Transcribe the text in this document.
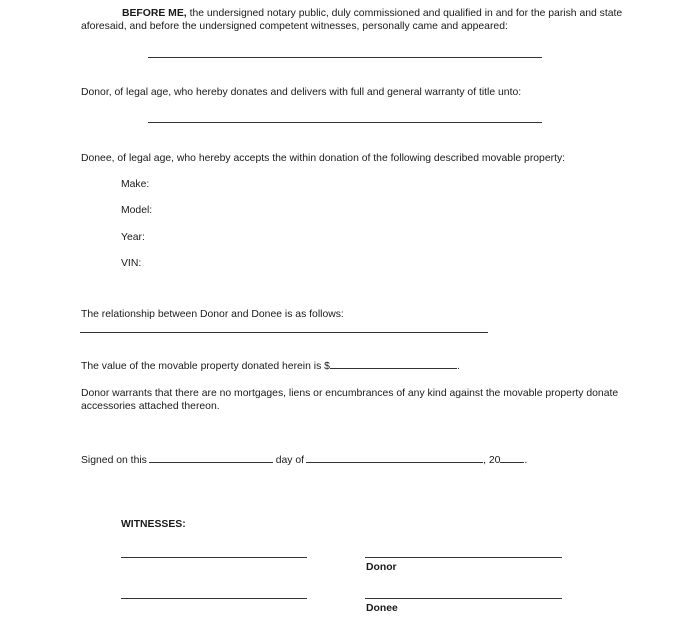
BEFORE ME, the undersigned notary public, duly commissioned and qualified in and for the parish and state
aforesaid, and before the undersigned competent witnesses, personally came and appeared:
Donor, of legal age, who hereby donates and delivers with full and general warranty of title unto:
Donee, of legal age, who hereby accepts the within donation of the following described movable property:
Make:
Model:
Year:
VIN:
The relationship between Donor and Donee is as follows:
The value of the movable property donated herein is $	.
Donor warrants that there are no mortgages, liens or encumbrances of any kind against the movable property donate
accessories attached thereon.
Signed on this	day of	, 20 .
WITNESSES:
Donor
Donee
